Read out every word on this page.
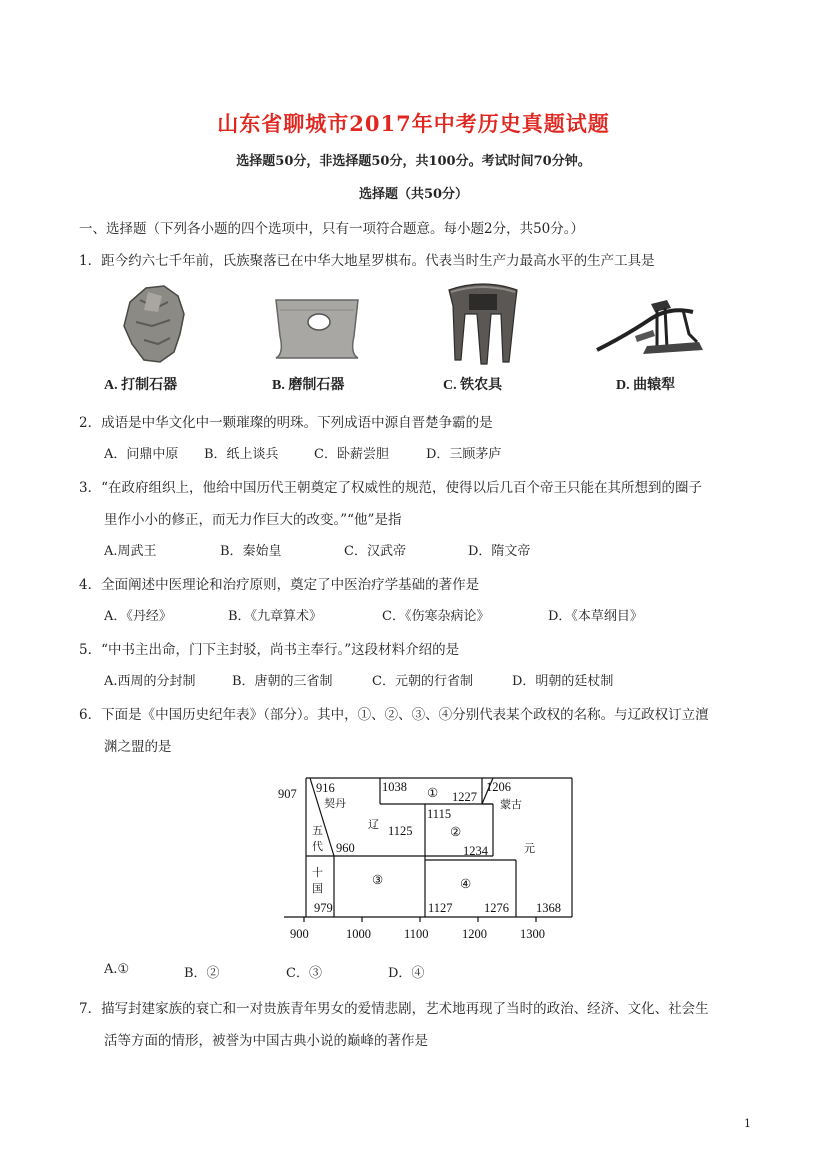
山东省聊城市2017年中考历史真题试题
选择题50分，非选择题50分，共100分。考试时间70分钟。
选择题（共50分）
一、选择题（下列各小题的四个选项中，只有一项符合题意。每小题2分，共50分。）
1．距今约六七千年前，氏族聚落已在中华大地星罗棋布。代表当时生产力最高水平的生产工具是
A. 打制石器	B. 磨制石器	C. 铁农具	D. 曲辕犁
2．成语是中华文化中一颗璀璨的明珠。下列成语中源自晋楚争霸的是
A．问鼎中原 B．纸上谈兵	C．卧薪尝胆	D．三顾茅庐
3．“在政府组织上，他给中国历代王朝奠定了权威性的规范，使得以后几百个帝王只能在其所想到的圈子
里作小小的修正，而无力作巨大的改变。”“他”是指
A.周武王	B．秦始皇	C．汉武帝	D．隋文帝
4．全面阐述中医理论和治疗原则，奠定了中医治疗学基础的著作是
A．《丹经》	B．《九章算术》	C．《伤寒杂病论》	D．《本草纲目》
5．“中书主出命，门下主封驳，尚书主奉行。”这段材料介绍的是
A.西周的分封制	B．唐朝的三省制	C．元朝的行省制	D．明朝的廷杖制
6．下面是《中国历史纪年表》（部分）。其中，①、②、③、④分别代表某个政权的名称。与辽政权订立澶
渊之盟的是
907 916
契丹
1038 ① 1227
1206
蒙古
辽 1125
1115
②
元
五
代 960	1234
十
国
③	④
979	1127	1276 1368
900	1000	1100	1200	1300
A.①	B．②	C．③	D．④
7．描写封建家族的衰亡和一对贵族青年男女的爱情悲剧，艺术地再现了当时的政治、经济、文化、社会生
活等方面的情形，被誉为中国古典小说的巅峰的著作是
1
